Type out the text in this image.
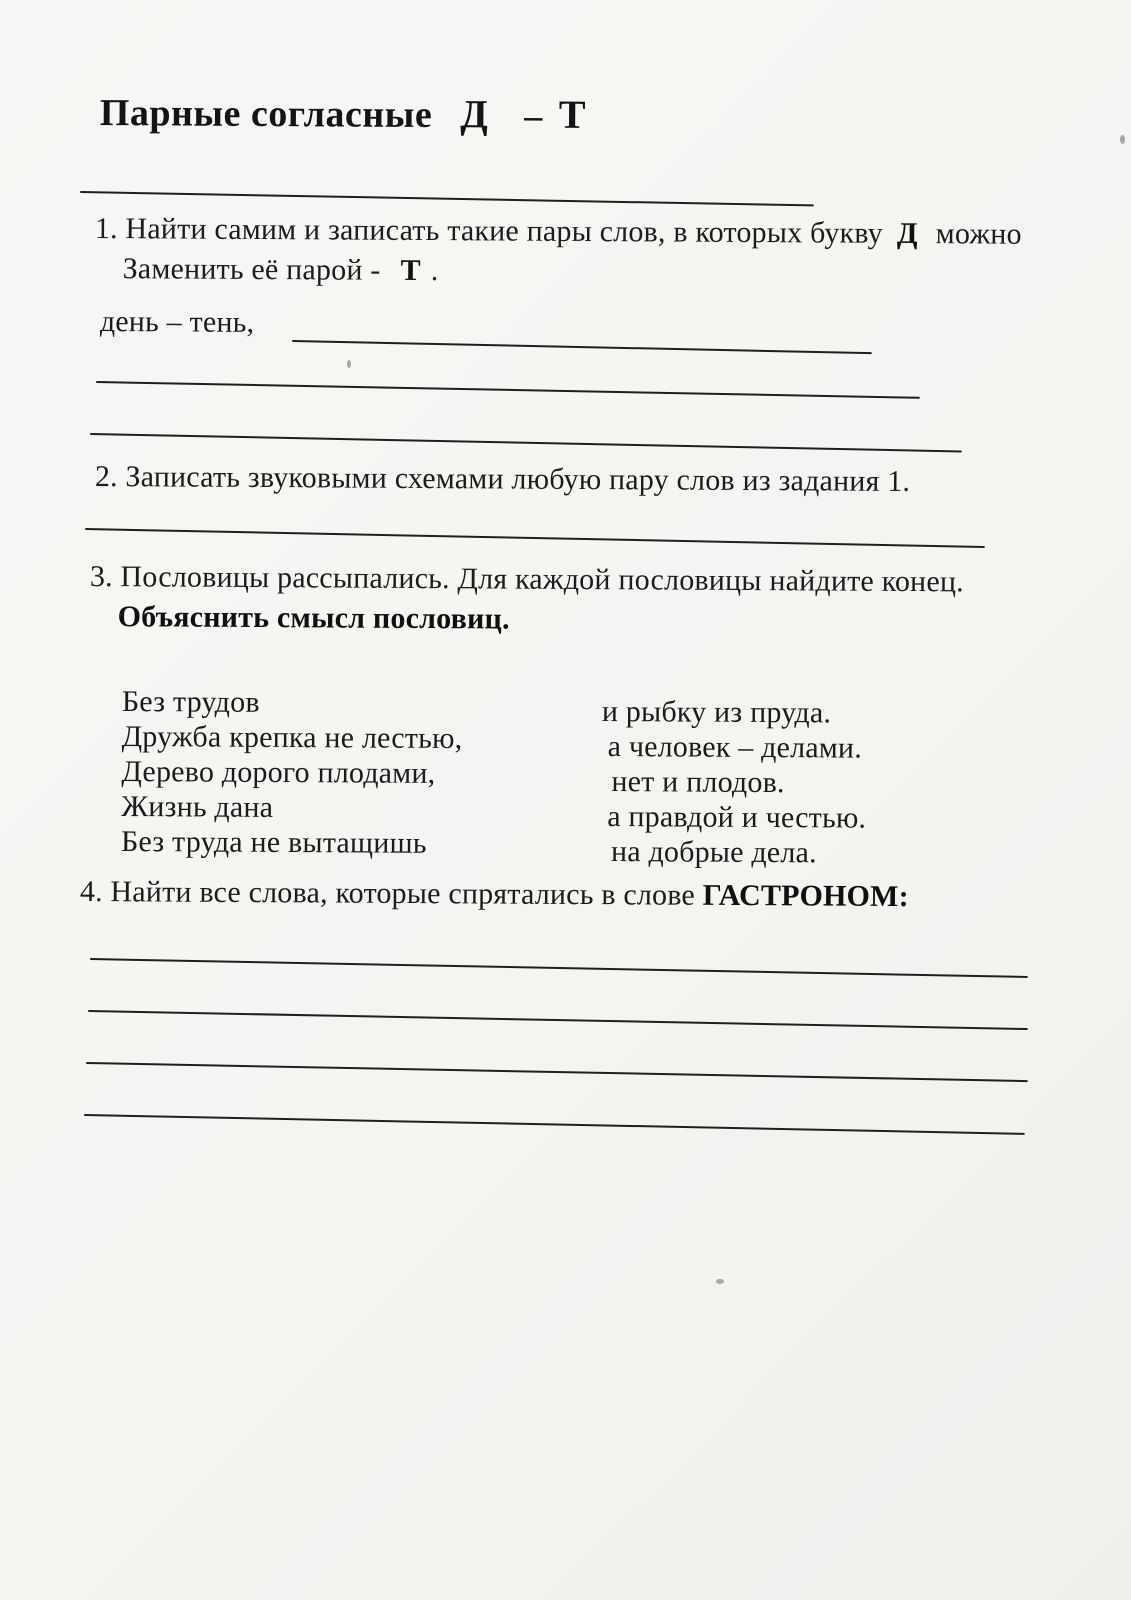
Парные согласные Д – Т
1. Найти самим и записать такие пары слов, в которых букву Д можно
Заменить её парой - Т .
день – тень,
2. Записать звуковыми схемами любую пару слов из задания 1.
3. Пословицы рассыпались. Для каждой пословицы найдите конец.
Объяснить смысл пословиц.
Без трудов
Дружба крепка не лестью,
Дерево дорого плодами,
Жизнь дана
Без труда не вытащишь
и рыбку из пруда.
а человек – делами.
нет и плодов.
а правдой и честью.
на добрые дела.
4. Найти все слова, которые спрятались в слове ГАСТРОНОМ:
